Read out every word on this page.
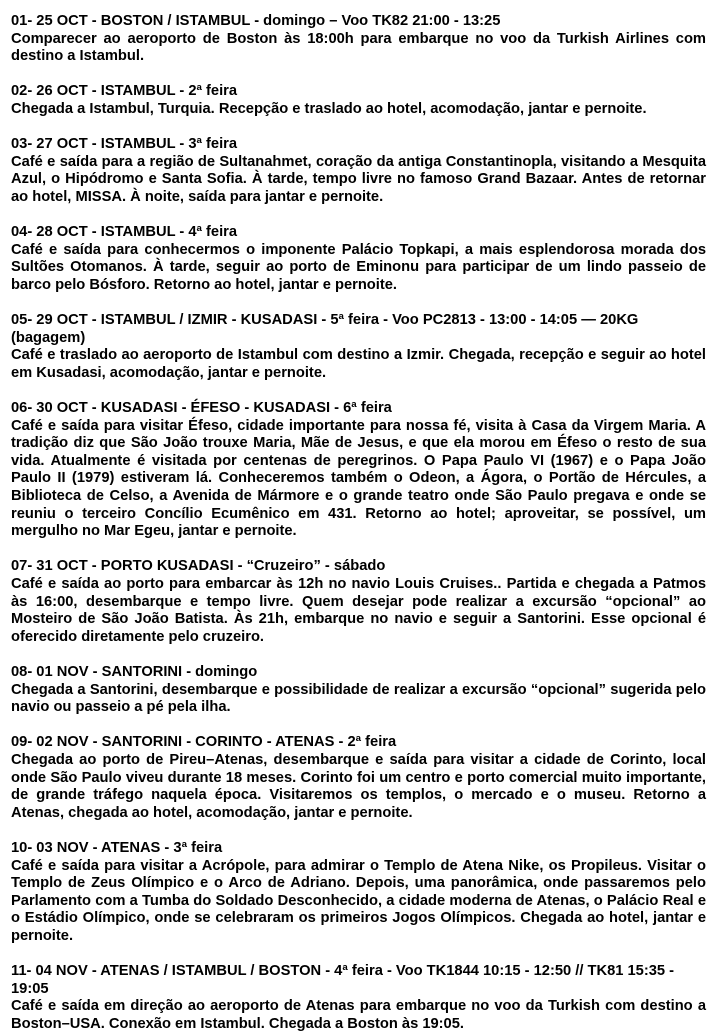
01- 25 OCT - BOSTON / ISTAMBUL - domingo – Voo TK82 21:00 - 13:25
Comparecer ao aeroporto de Boston às 18:00h para embarque no voo da Turkish Airlines com destino a Istambul.
02- 26 OCT - ISTAMBUL - 2ª feira
Chegada a Istambul, Turquia. Recepção e traslado ao hotel, acomodação, jantar e pernoite.
03- 27 OCT - ISTAMBUL - 3ª feira
Café e saída para a região de Sultanahmet, coração da antiga Constantinopla, visitando a Mesquita Azul, o Hipódromo e Santa Sofia. À tarde, tempo livre no famoso Grand Bazaar. Antes de retornar ao hotel, MISSA. À noite, saída para jantar e pernoite.
04- 28 OCT - ISTAMBUL - 4ª feira
Café e saída para conhecermos o imponente Palácio Topkapi, a mais esplendorosa morada dos Sultões Otomanos. À tarde, seguir ao porto de Eminonu para participar de um lindo passeio de barco pelo Bósforo. Retorno ao hotel, jantar e pernoite.
05- 29 OCT - ISTAMBUL / IZMIR - KUSADASI - 5ª feira - Voo PC2813 - 13:00 - 14:05 — 20KG (bagagem)
Café e traslado ao aeroporto de Istambul com destino a Izmir. Chegada, recepção e seguir ao hotel em Kusadasi, acomodação, jantar e pernoite.
06- 30 OCT - KUSADASI - ÉFESO - KUSADASI - 6ª feira
Café e saída para visitar Éfeso, cidade importante para nossa fé, visita à Casa da Virgem Maria. A tradição diz que São João trouxe Maria, Mãe de Jesus, e que ela morou em Éfeso o resto de sua vida. Atualmente é visitada por centenas de peregrinos. O Papa Paulo VI (1967) e o Papa João Paulo II (1979) estiveram lá. Conheceremos também o Odeon, a Ágora, o Portão de Hércules, a Biblioteca de Celso, a Avenida de Mármore e o grande teatro onde São Paulo pregava e onde se reuniu o terceiro Concílio Ecumênico em 431. Retorno ao hotel; aproveitar, se possível, um mergulho no Mar Egeu, jantar e pernoite.
07- 31 OCT - PORTO KUSADASI - “Cruzeiro” - sábado
Café e saída ao porto para embarcar às 12h no navio Louis Cruises.. Partida e chegada a Patmos às 16:00, desembarque e tempo livre. Quem desejar pode realizar a excursão “opcional” ao Mosteiro de São João Batista. Às 21h, embarque no navio e seguir a Santorini. Esse opcional é oferecido diretamente pelo cruzeiro.
08- 01 NOV - SANTORINI - domingo
Chegada a Santorini, desembarque e possibilidade de realizar a excursão “opcional” sugerida pelo navio ou passeio a pé pela ilha.
09- 02 NOV - SANTORINI - CORINTO - ATENAS - 2ª feira
Chegada ao porto de Pireu–Atenas, desembarque e saída para visitar a cidade de Corinto, local onde São Paulo viveu durante 18 meses. Corinto foi um centro e porto comercial muito importante, de grande tráfego naquela época. Visitaremos os templos, o mercado e o museu. Retorno a Atenas, chegada ao hotel, acomodação, jantar e pernoite.
10- 03 NOV - ATENAS - 3ª feira
Café e saída para visitar a Acrópole, para admirar o Templo de Atena Nike, os Propileus. Visitar o Templo de Zeus Olímpico e o Arco de Adriano. Depois, uma panorâmica, onde passaremos pelo Parlamento com a Tumba do Soldado Desconhecido, a cidade moderna de Atenas, o Palácio Real e o Estádio Olímpico, onde se celebraram os primeiros Jogos Olímpicos. Chegada ao hotel, jantar e pernoite.
11- 04 NOV - ATENAS / ISTAMBUL / BOSTON - 4ª feira - Voo TK1844 10:15 - 12:50 // TK81 15:35 - 19:05
Café e saída em direção ao aeroporto de Atenas para embarque no voo da Turkish com destino a Boston–USA. Conexão em Istambul. Chegada a Boston às 19:05.
